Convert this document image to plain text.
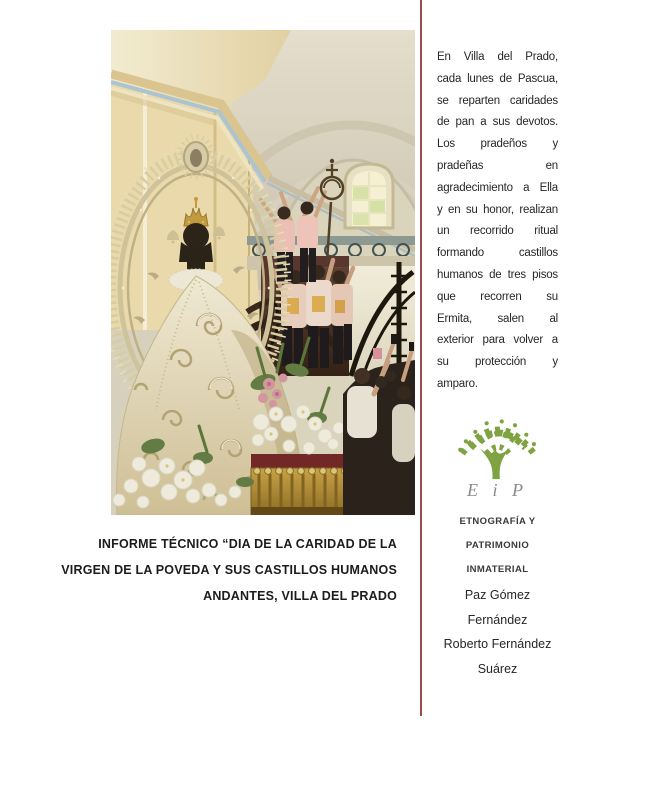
INFORME TÉCNICO “DIA DE LA CARIDAD DE LA
VIRGEN DE LA POVEDA Y SUS CASTILLOS HUMANOS
ANDANTES, VILLA DEL PRADO
En Villa del Prado,
cada lunes de Pascua,
se reparten caridades
de pan a sus devotos.
Los pradeños y
pradeñas en
agradecimiento a Ella
y en su honor, realizan
un recorrido ritual
formando castillos
humanos de tres pisos
que recorren su
Ermita, salen al
exterior para volver a
su protección y
amparo.
E i P
ETNOGRAFÍA Y
PATRIMONIO INMATERIAL
Paz Gómez Fernández
Roberto Fernández Suárez
